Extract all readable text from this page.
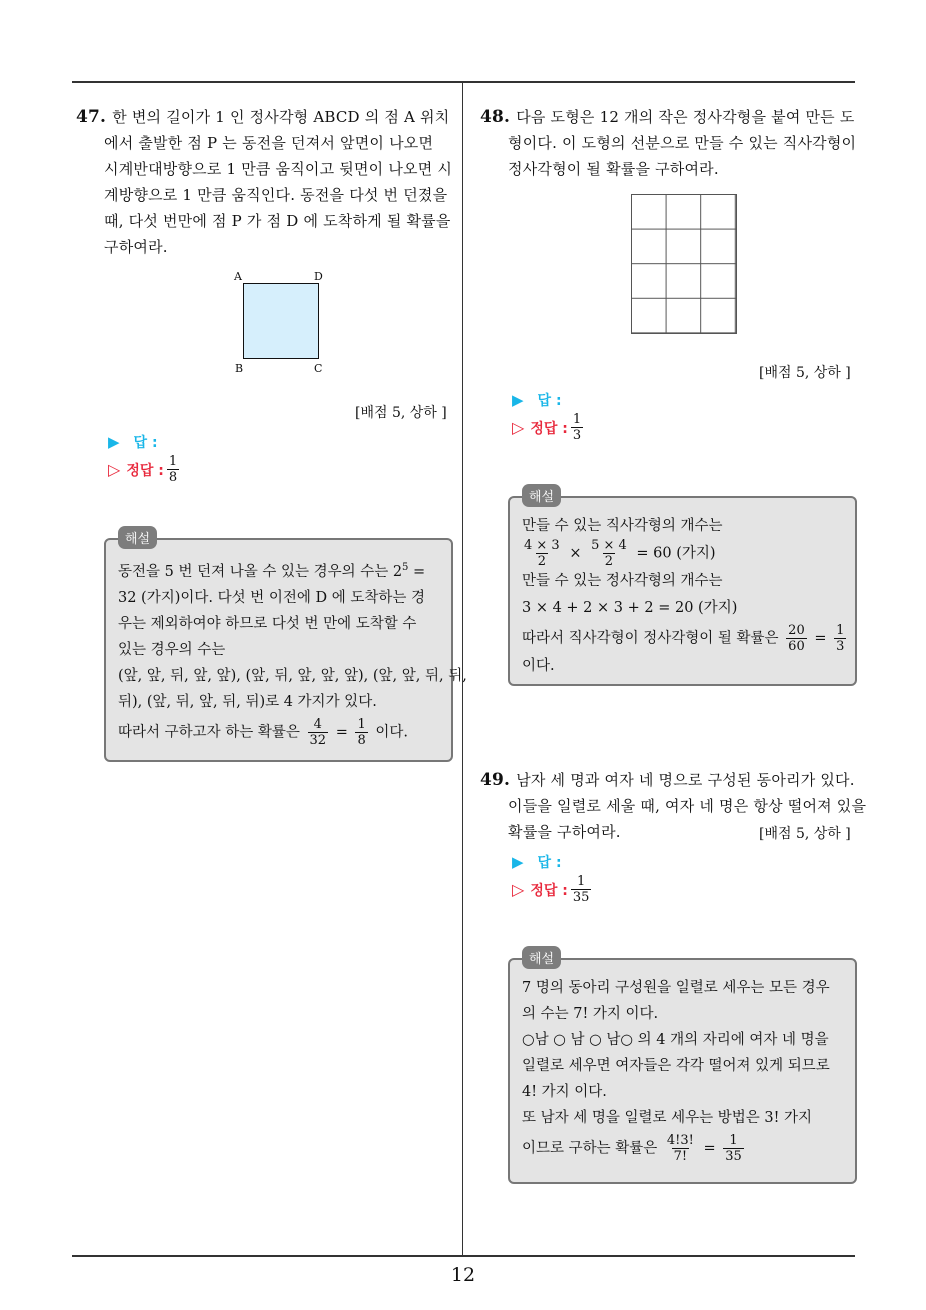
47. 한 변의 길이가 1 인 정사각형 ABCD 의 점 A 위치
에서 출발한 점 P 는 동전을 던져서 앞면이 나오면
시계반대방향으로 1 만큼 움직이고 뒷면이 나오면 시
계방향으로 1 만큼 움직인다. 동전을 다섯 번 던졌을
때, 다섯 번만에 점 P 가 점 D 에 도착하게 될 확률을
구하여라.
A	D
B	C
[배점 5, 상하 ]
▶ 답 :
▷ 정답 : $\frac{1}{8}$
해설
동전을 5 번 던져 나올 수 있는 경우의 수는 $2^5$ =
32 (가지)이다. 다섯 번 이전에 D 에 도착하는 경
우는 제외하여야 하므로 다섯 번 만에 도착할 수
있는 경우의 수는
(앞, 앞, 뒤, 앞, 앞), (앞, 뒤, 앞, 앞, 앞), (앞, 앞, 뒤, 뒤,
뒤), (앞, 뒤, 앞, 뒤, 뒤)로 4 가지가 있다.
따라서 구하고자 하는 확률은 $\frac{4}{32} = \frac{1}{8}$ 이다.
48. 다음 도형은 12 개의 작은 정사각형을 붙여 만든 도
형이다. 이 도형의 선분으로 만들 수 있는 직사각형이
정사각형이 될 확률을 구하여라.
[배점 5, 상하 ]
▶ 답 :
▷ 정답 : $\frac{1}{3}$
해설
만들 수 있는 직사각형의 개수는
$\frac{4 \times 3}{2} \times \frac{5 \times 4}{2} = 60$ (가지)
만들 수 있는 정사각형의 개수는
3 × 4 + 2 × 3 + 2 = 20 (가지)
따라서 직사각형이 정사각형이 될 확률은 $\frac{20}{60} = \frac{1}{3}$
이다.
49. 남자 세 명과 여자 네 명으로 구성된 동아리가 있다.
이들을 일렬로 세울 때, 여자 네 명은 항상 떨어져 있을
확률을 구하여라.	[배점 5, 상하 ]
▶ 답 :
▷ 정답 : $\frac{1}{35}$
해설
7 명의 동아리 구성원을 일렬로 세우는 모든 경우
의 수는 7! 가지 이다.
○남 ○ 남 ○ 남○ 의 4 개의 자리에 여자 네 명을
일렬로 세우면 여자들은 각각 떨어져 있게 되므로
4! 가지 이다.
또 남자 세 명을 일렬로 세우는 방법은 3! 가지
이므로 구하는 확률은 $\frac{4!3!}{7!} = \frac{1}{35}$
12
